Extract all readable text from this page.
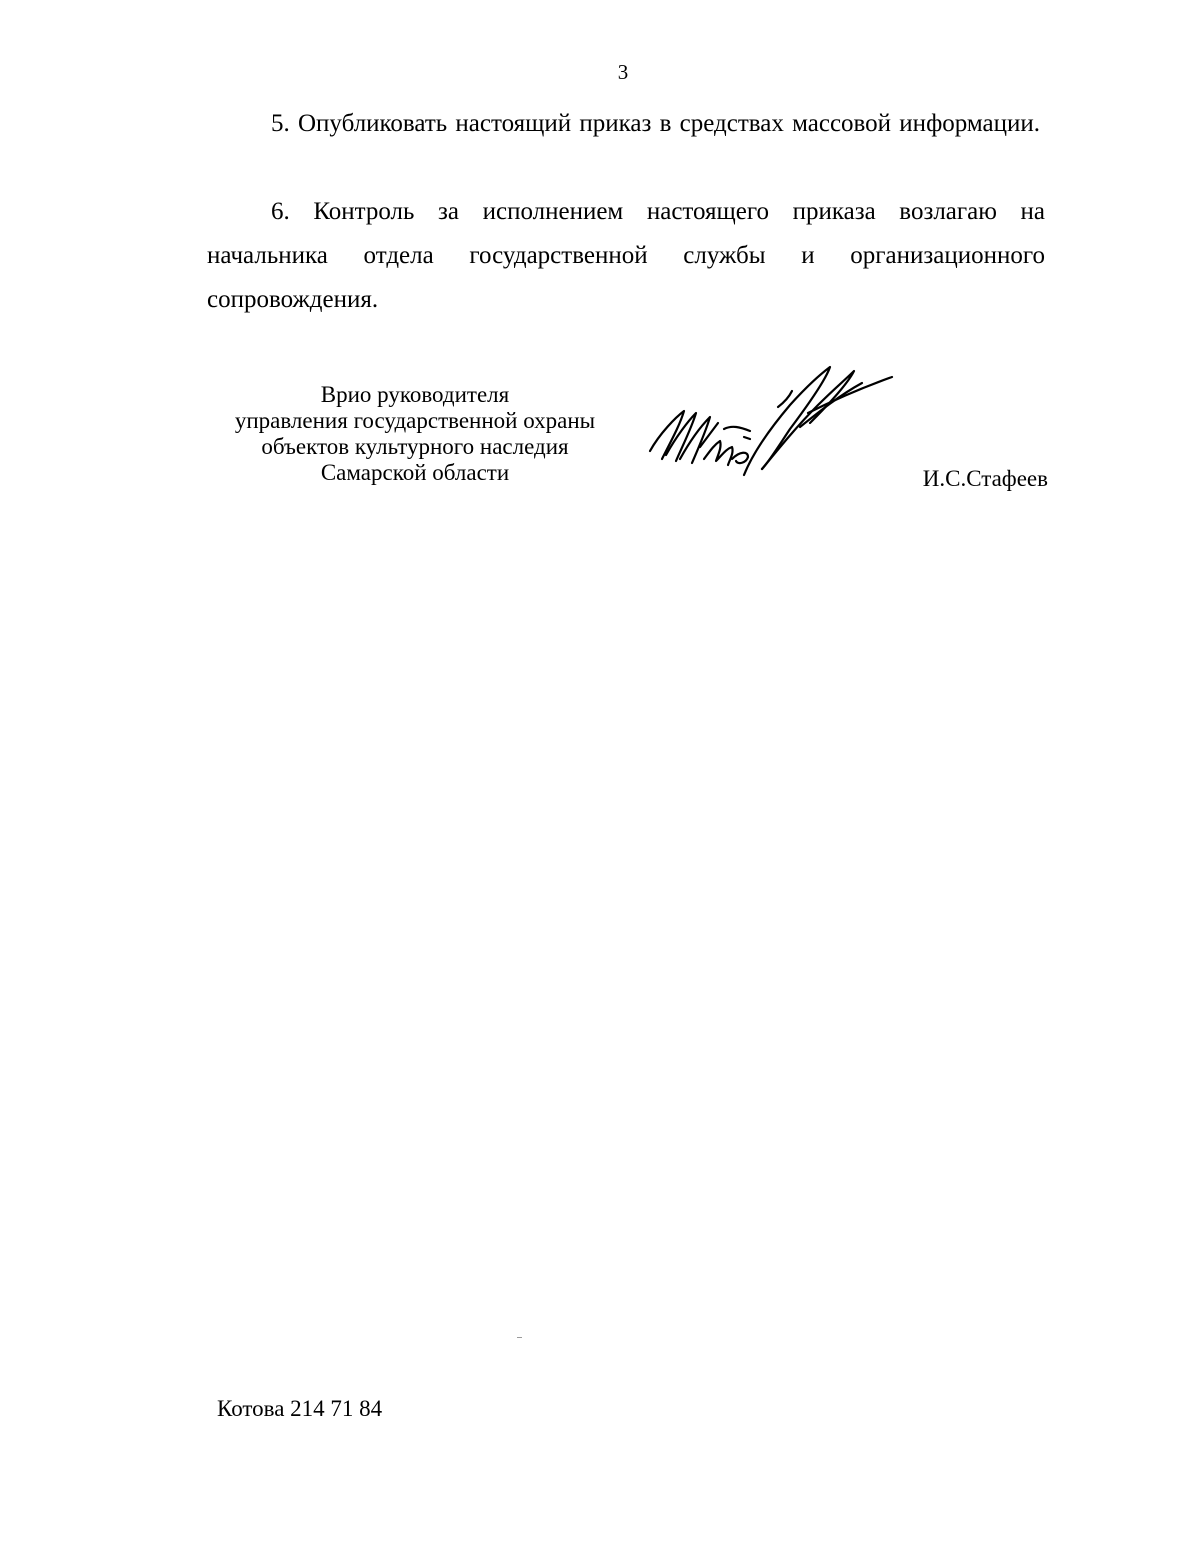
3

5. Опубликовать настоящий приказ в средствах массовой информации.

6. Контроль за исполнением настоящего приказа возлагаю на начальника отдела государственной службы и организационного сопровождения.

Врио руководителя
управления государственной охраны
объектов культурного наследия
Самарской области	И.С.Стафеев
Котова 214 71 84
